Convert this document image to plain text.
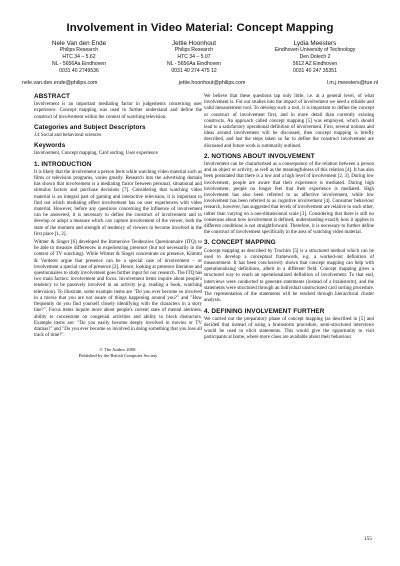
Involvement in Video Material: Concept Mapping
Nele Van den Ende
Philips Research
HTC 34 – 5.62
NL - 5656Aa Eindhoven
0031 40 2749536
Jettie Hoonhout
Philips Research
HTC 34 – 5.07
NL - 5656Aa Eindhoven
0031 40 274 475 12
Lydia Meesters
Eindhoven University of Technology
Den Dolech 2
5612 AZ Eindhoven
0031 40 247 35351
nele.van.den.ende@philips.com	jettie.hoonhout@philips.com	l.m.j.meesters@tue.nl
ABSTRACT

Involvement is an important mediating factor in judgements concerning user experience. Concept mapping was used to further understand and define the construct of involvement within the context of watching television.

Categories and Subject Descriptors

J.4 Social and behavioral sciences

Keywords

Involvement, Concept mapping, Card sorting, User experience

1. INTRODUCTION

It is likely that the involvement a person feels while watching video material such as films or television programs, varies greatly. Research into the advertising domain has shown that involvement is a mediating factor between personal, situational and stimulus factors and purchase decisions [7]. Considering that watching video material is an integral part of gaming and interactive television, it is important to find out which mediating effect involvement has on user experiences with video material. However, before any questions concerning the influence of involvement can be answered, it is necessary to define the construct of involvement and to develop or adopt a measure which can capture involvement of the viewer, both the state of the moment and strength of tendency of viewers to become involved in the first place [1, 2].

Witmer & Singer [6] developed the Immersive Tendencies Questionnaire (ITQ) to be able to measure differences in experiencing presence (but not necessarily in the context of TV watching). While Witmer & Singer concentrate on presence, Klimmt & Vorderer argue that presence can be a special case of involvement – or involvement a special case of presence [2]. Hence, looking at presence literature and questionnaires to study involvement goes further input for our research. The ITQ has two main factors: involvement and focus. Involvement items inquire about people's tendency to be passively involved in an activity (e.g. reading a book, watching television). To illustrate, some example items are "Do you ever become so involved in a movie that you are not aware of things happening around you?" and "How frequently do you find yourself closely identifying with the characters in a story line?". Focus items inquire more about people's current state of mental alertness, ability to concentrate on congenial activities and ability to block distractors. Example items are: "Do you easily become deeply involved in movies or TV dramas?" and "Do you ever become so involved in doing something that you lose all track of time?".

© The Author 2008.
Published by the British Computer Society

We believe that these questions tap only little, i.e. at a general level, of what involvement is. For our studies into the impact of involvement we need a reliable and valid measurement tool. To develop such a tool, it is important to define the concept or construct of involvement first, and in more detail than currently existing constructs. An approach called concept mapping [5] was employed, which should lead to a satisfactory operational definition of involvement. First, several notions and ideas around involvement will be discussed, then concept mapping is briefly described, and last the steps taken so far to define the construct involvement are discussed and future work is summarily outlined.

2. NOTIONS ABOUT INVOLVEMENT

Involvement can be characterised as a consequence of the relation between a person and an object or activity, as well as the meaningfulness of this relation [4]. It has also been postulated that there is a low and a high level of involvement [2, 3]. During low involvement, people are aware that their experience is mediated. During high involvement, people no longer feel that their experience is mediated. High involvement has also been referred to as affective involvement, while low involvement has been referred to as cognitive involvement [4]. Consumer behaviour research, however, has suggested that levels of involvement are relative to each other, rather than varying on a one-dimensional scale [3]. Considering that there is still no consensus about how involvement is defined, understanding exactly how it applies to different conditions is not straightforward. Therefore, it is necessary to further define the construct of involvement specifically in the area of watching video material.

3. CONCEPT MAPPING

Concept mapping as described by Trochim [5] is a structured method which can be used to develop a conceptual framework, e.g. a worked-out definition of measurement. It has been conclusively shown that concept mapping can help with operationalising definitions, albeit in a different field. Concept mapping gives a structured way to reach an operationalized definition of involvement. To that end, interviews were conducted to generate statements (instead of a brainstorm), and the statements were structured through an individual unstructured card sorting procedure. The representation of the statements will be reached through hierarchical cluster analysis.

4. DEFINING INVOLVEMENT FURTHER

We carried out the preparatory phase of concept mapping (as described in [5] and decided that instead of using a brainstorm procedure, semi-structured interviews would be used to elicit statements. This would give the opportunity to visit participants at home, where more clues are available about their behaviour

155
